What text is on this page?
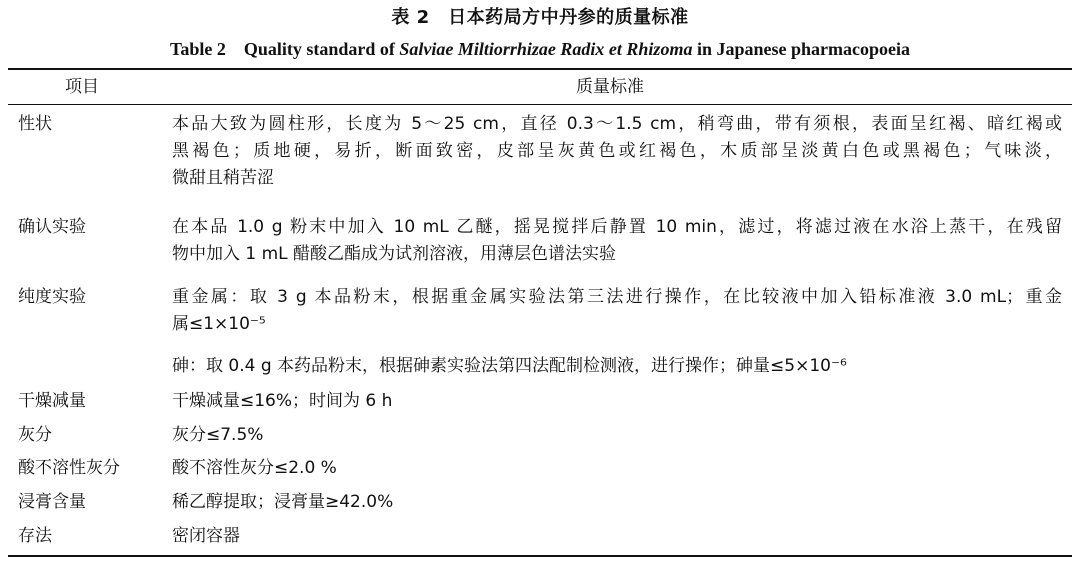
表 2　日本药局方中丹参的质量标准
Table 2　Quality standard of Salviae Miltiorrhizae Radix et Rhizoma in Japanese pharmacopoeia
项目	质量标准
性状	本品大致为圆柱形，长度为 5～25 cm，直径 0.3～1.5 cm，稍弯曲，带有须根，表面呈红褐、暗红褐或
黑褐色；质地硬，易折，断面致密，皮部呈灰黄色或红褐色，木质部呈淡黄白色或黑褐色；气味淡，
微甜且稍苦涩
确认实验	在本品 1.0 g 粉末中加入 10 mL 乙醚，摇晃搅拌后静置 10 min，滤过，将滤过液在水浴上蒸干，在残留
物中加入 1 mL 醋酸乙酯成为试剂溶液，用薄层色谱法实验
纯度实验	重金属：取 3 g 本品粉末，根据重金属实验法第三法进行操作，在比较液中加入铅标准液 3.0 mL；重金
属≤1×10⁻⁵
砷：取 0.4 g 本药品粉末，根据砷素实验法第四法配制检测液，进行操作；砷量≤5×10⁻⁶
干燥减量	干燥减量≤16%；时间为 6 h
灰分	灰分≤7.5%
酸不溶性灰分	酸不溶性灰分≤2.0 %
浸膏含量	稀乙醇提取；浸膏量≥42.0%
存法	密闭容器
